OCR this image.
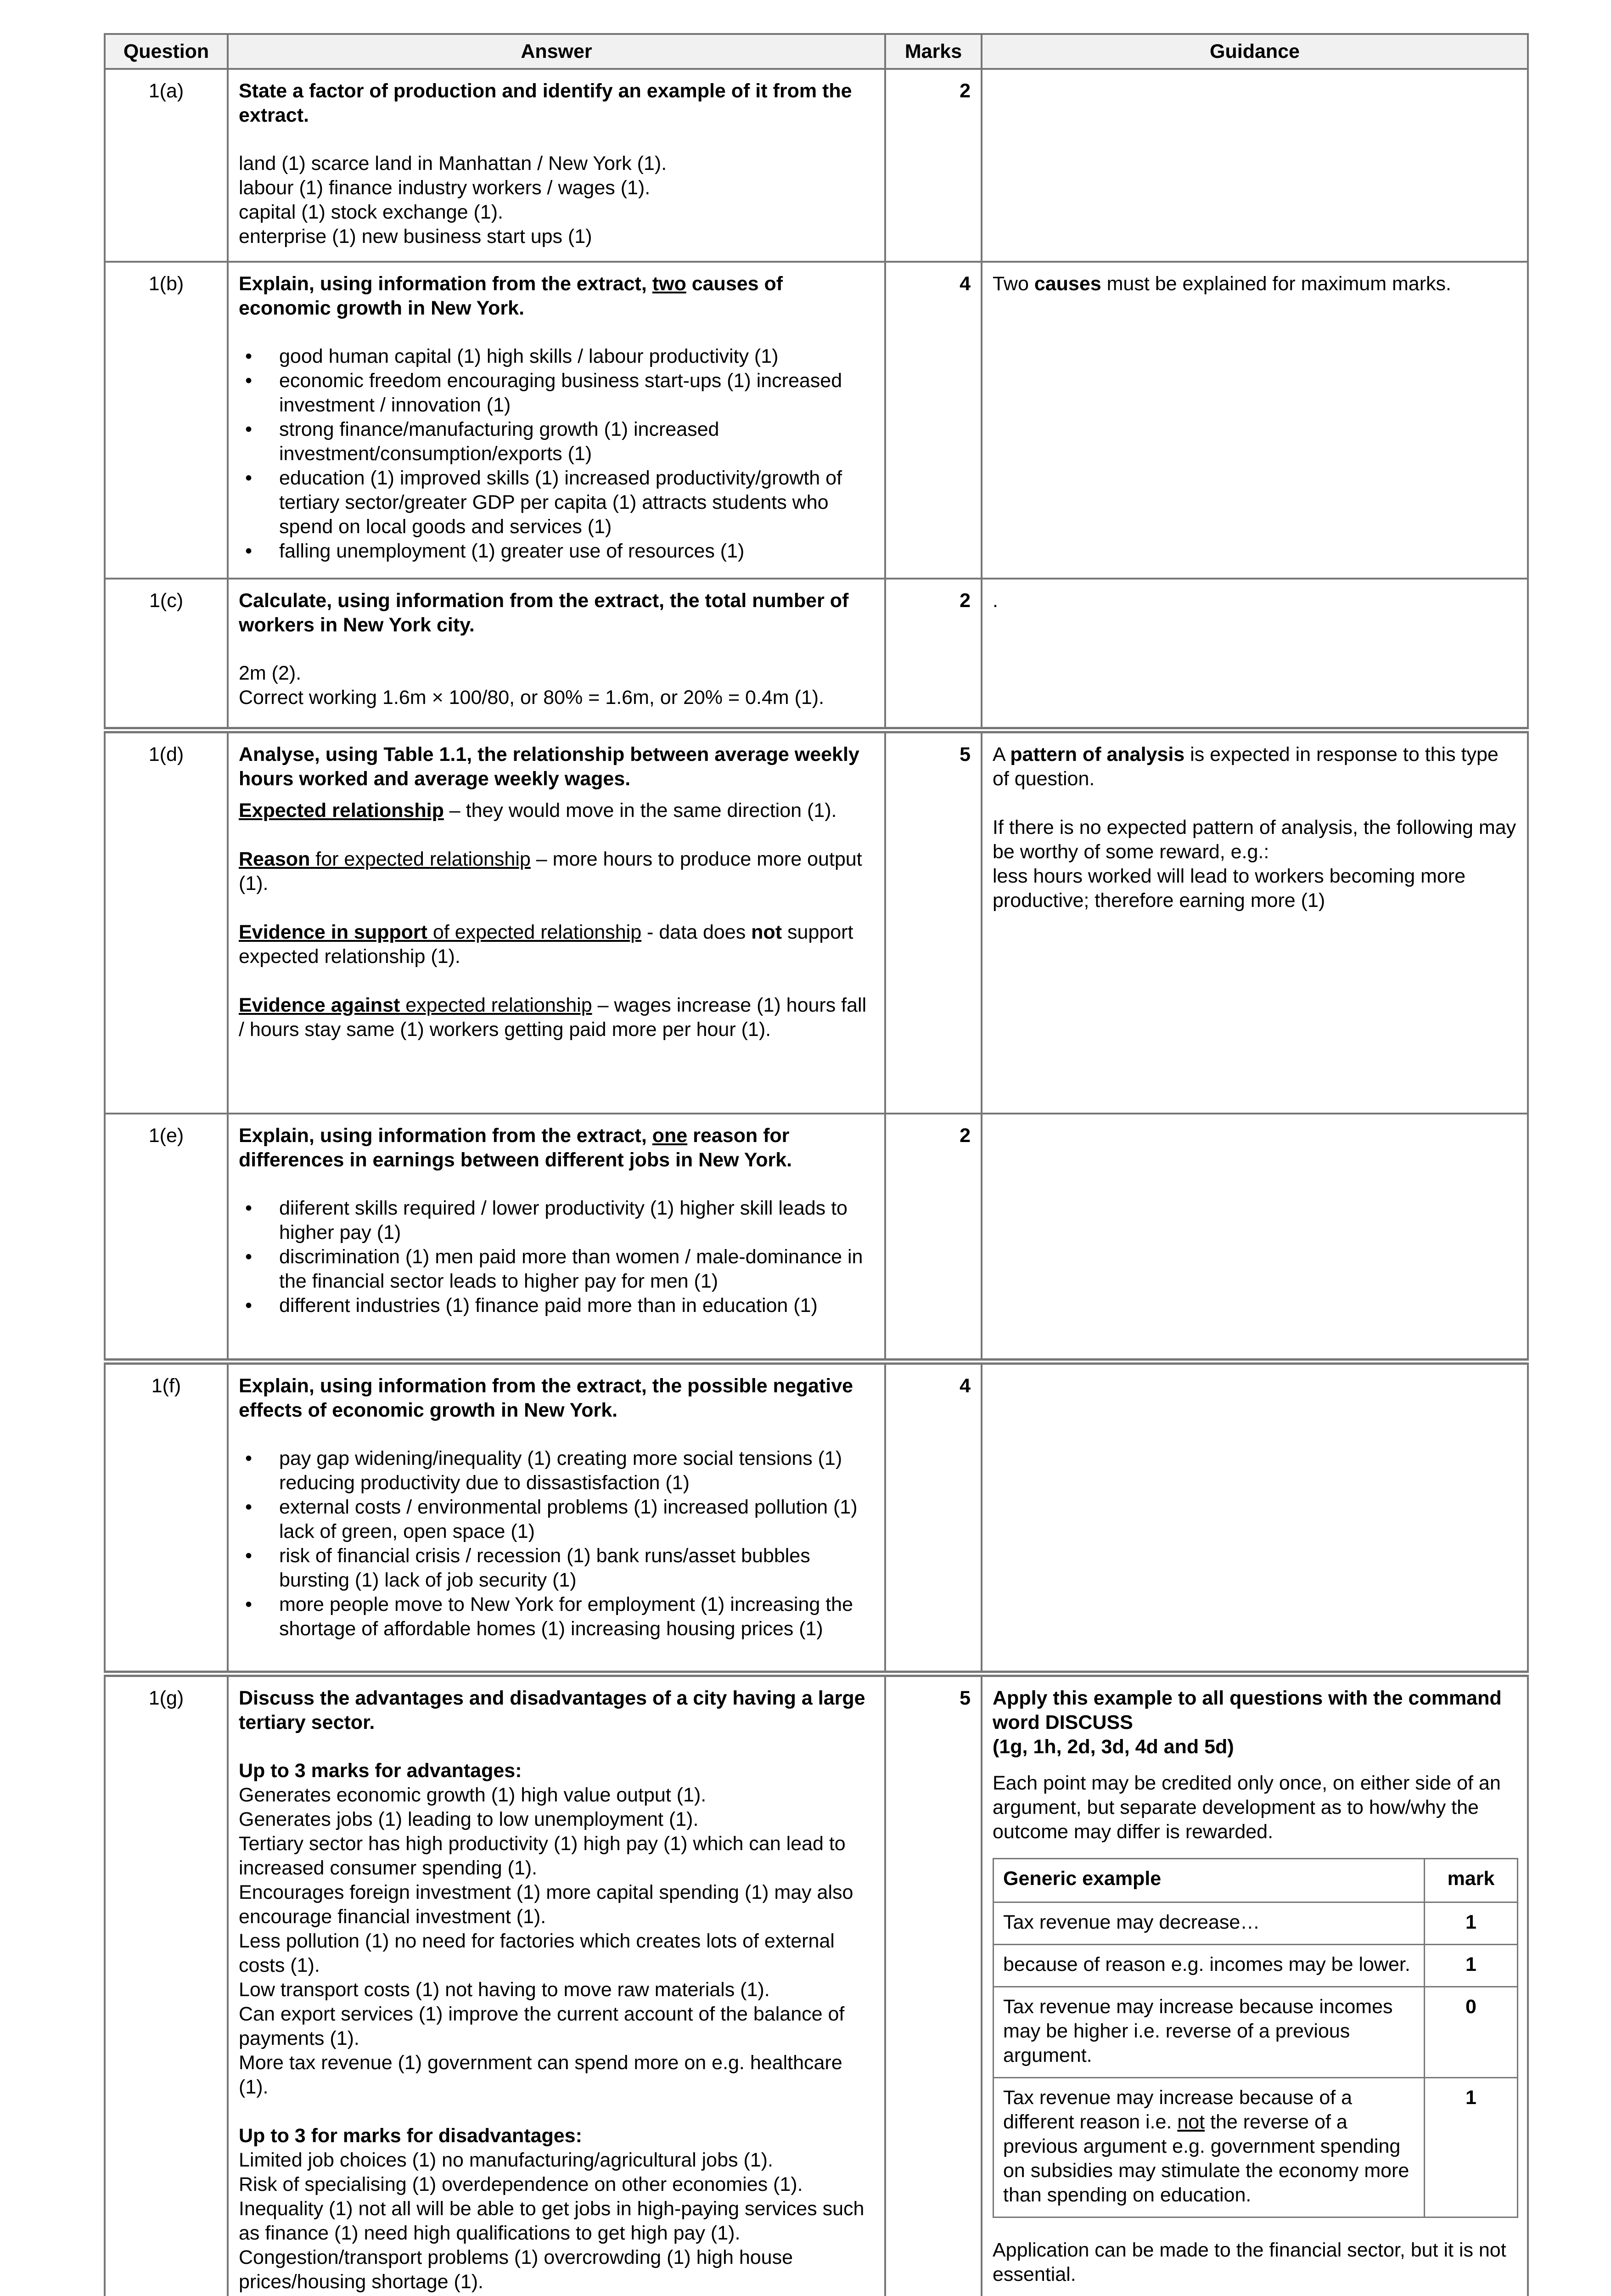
Question	Answer	Marks	Guidance
1(a)	State a factor of production and identify an example of it from the extract.

land (1) scarce land in Manhattan / New York (1).

labour (1) finance industry workers / wages (1).

capital (1) stock exchange (1).

enterprise (1) new business start ups (1)

	2	
1(b)	Explain, using information from the extract, two causes of economic growth in New York.

• good human capital (1) high skills / labour productivity (1)
• economic freedom encouraging business start-ups (1) increased investment / innovation (1)
• strong finance/manufacturing growth (1) increased investment/consumption/exports (1)
• education (1) improved skills (1) increased productivity/growth of tertiary sector/greater GDP per capita (1) attracts students who spend on local goods and services (1)
• falling unemployment (1) greater use of resources (1)
	4	Two causes must be explained for maximum marks.

1(c)	Calculate, using information from the extract, the total number of workers in New York city.

2m (2).

Correct working 1.6m × 100/80, or 80% = 1.6m, or 20% = 0.4m (1).

	2	.

1(d)	Analyse, using Table 1.1, the relationship between average weekly hours worked and average weekly wages.

Expected relationship – they would move in the same direction (1).

Reason for expected relationship – more hours to produce more output (1).

Evidence in support of expected relationship - data does not support expected relationship (1).

Evidence against expected relationship – wages increase (1) hours fall / hours stay same (1) workers getting paid more per hour (1).

	5	A pattern of analysis is expected in response to this type of question.

If there is no expected pattern of analysis, the following may be worthy of some reward, e.g.:

less hours worked will lead to workers becoming more productive; therefore earning more (1)

1(e)	Explain, using information from the extract, one reason for differences in earnings between different jobs in New York.

• diiferent skills required / lower productivity (1) higher skill leads to higher pay (1)
• discrimination (1) men paid more than women / male-dominance in the financial sector leads to higher pay for men (1)
• different industries (1) finance paid more than in education (1)
	2	
1(f)	Explain, using information from the extract, the possible negative effects of economic growth in New York.

• pay gap widening/inequality (1) creating more social tensions (1) reducing productivity due to dissastisfaction (1)
• external costs / environmental problems (1) increased pollution (1) lack of green, open space (1)
• risk of financial crisis / recession (1) bank runs/asset bubbles bursting (1) lack of job security (1)
• more people move to New York for employment (1) increasing the shortage of affordable homes (1) increasing housing prices (1)
	4	
1(g)	Discuss the advantages and disadvantages of a city having a large tertiary sector.

Up to 3 marks for advantages:

Generates economic growth (1) high value output (1).

Generates jobs (1) leading to low unemployment (1).

Tertiary sector has high productivity (1) high pay (1) which can lead to increased consumer spending (1).

Encourages foreign investment (1) more capital spending (1) may also encourage financial investment (1).

Less pollution (1) no need for factories which creates lots of external costs (1).

Low transport costs (1) not having to move raw materials (1).

Can export services (1) improve the current account of the balance of payments (1).

More tax revenue (1) government can spend more on e.g. healthcare (1).

Up to 3 for marks for disadvantages:

Limited job choices (1) no manufacturing/agricultural jobs (1).

Risk of specialising (1) overdependence on other economies (1).

Inequality (1) not all will be able to get jobs in high-paying services such as finance (1) need high qualifications to get high pay (1).

Congestion/transport problems (1) overcrowding (1) high house prices/housing shortage (1).

	5	Apply this example to all questions with the command word DISCUSS

(1g, 1h, 2d, 3d, 4d and 5d)

Each point may be credited only once, on either side of an argument, but separate development as to how/why the outcome may differ is rewarded.

Generic example	mark
Tax revenue may decrease…	1
because of reason e.g. incomes may be lower.	1
Tax revenue may increase because incomes may be higher i.e. reverse of a previous argument.	0
Tax revenue may increase because of a different reason i.e. not the reverse of a previous argument e.g. government spending on subsidies may stimulate the economy more than spending on education.	1

Application can be made to the financial sector, but it is not essential.
